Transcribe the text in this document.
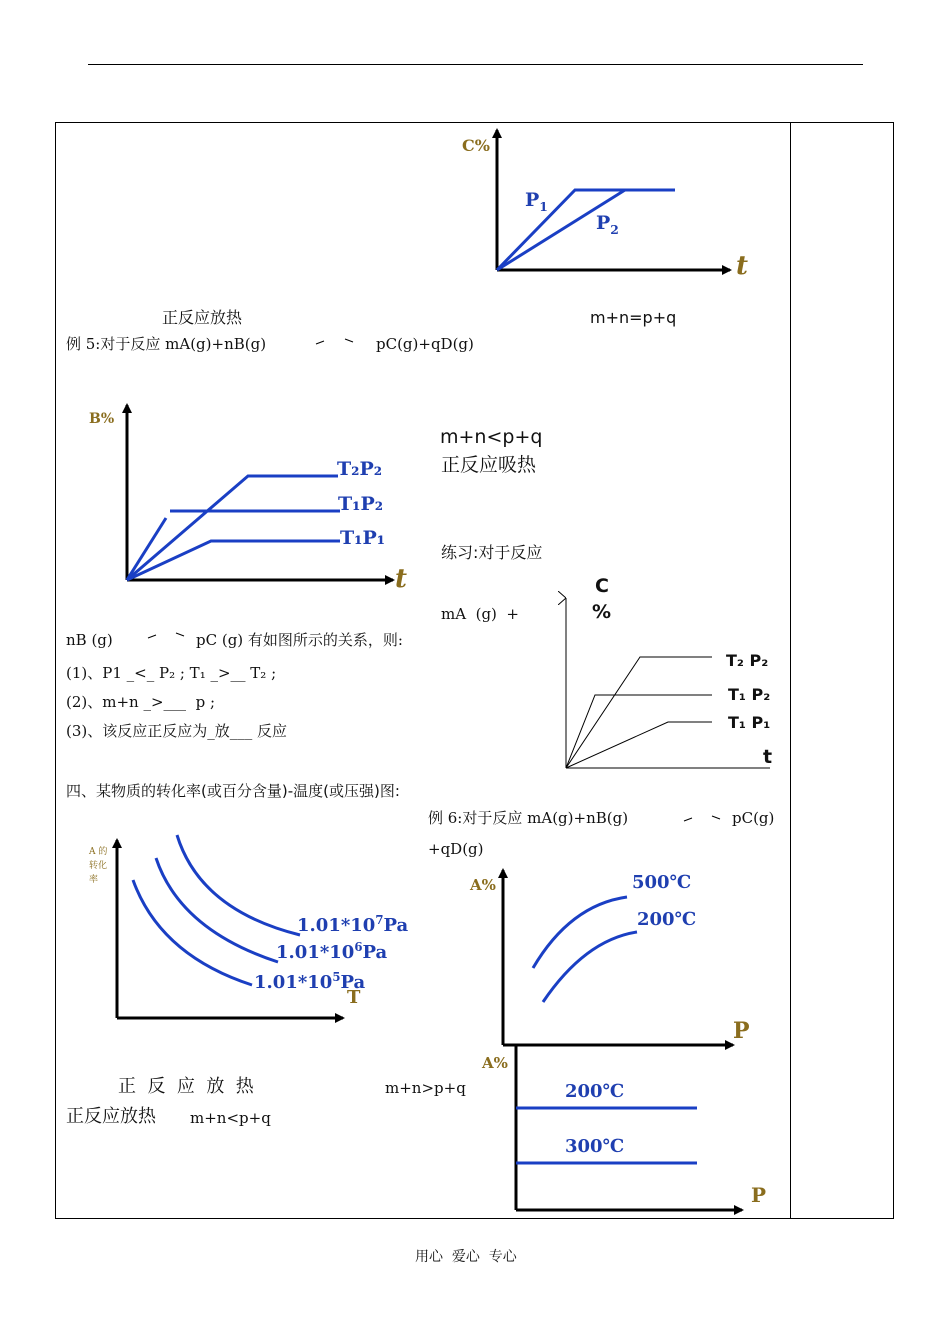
C%
t
$P_1$
$P_2$
正反应放热	m+n=p+q
例 5:对于反应 mA(g)+nB(g)	pC(g)+qD(g)
B%
t
T₂P₂
T₁P₂
T₁P₁
m+n<p+q
正反应吸热
练习:对于反应
mA  (g)  +
C
%
t
T₂ P₂
T₁ P₂
T₁ P₁
nB (g)	pC (g) 有如图所示的关系，则:
(1)、P1 _<_ P₂ ; T₁ _>__ T₂ ;
(2)、m+n _>___  p ;
(3)、该反应正反应为_放___ 反应
四、某物质的转化率(或百分含量)-温度(或压强)图:
例 6:对于反应 mA(g)+nB(g)	pC(g)
+qD(g)
A 的
转化
率
T
$1.01*10^7Pa$
$1.01*10^6Pa$
$1.01*10^5Pa$
A%
P
500℃
200℃
A%
P
200℃
300℃
正  反  应  放  热	m+n>p+q
正反应放热 m+n<p+q
用心  爱心  专心
